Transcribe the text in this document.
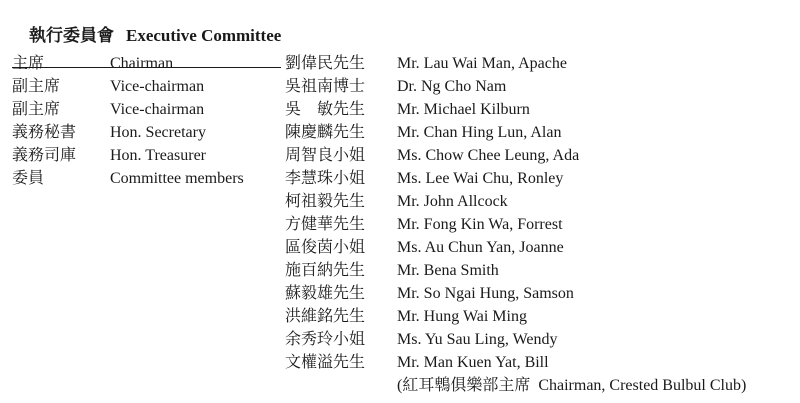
執行委員會 Executive Committee

主席	Chairman	劉偉民先生	Mr. Lau Wai Man, Apache
副主席	Vice-chairman	吳祖南博士	Dr. Ng Cho Nam
副主席	Vice-chairman	吳　敏先生	Mr. Michael Kilburn
義務秘書	Hon. Secretary	陳慶麟先生	Mr. Chan Hing Lun, Alan
義務司庫	Hon. Treasurer	周智良小姐	Ms. Chow Chee Leung, Ada
委員	Committee members	李慧珠小姐	Ms. Lee Wai Chu, Ronley
		柯祖毅先生	Mr. John Allcock
		方健華先生	Mr. Fong Kin Wa, Forrest
		區俊茵小姐	Ms. Au Chun Yan, Joanne
		施百納先生	Mr. Bena Smith
		蘇毅雄先生	Mr. So Ngai Hung, Samson
		洪維銘先生	Mr. Hung Wai Ming
		余秀玲小姐	Ms. Yu Sau Ling, Wendy
		文權溢先生	Mr. Man Kuen Yat, Bill
			(紅耳鵯俱樂部主席  Chairman, Crested Bulbul Club)
